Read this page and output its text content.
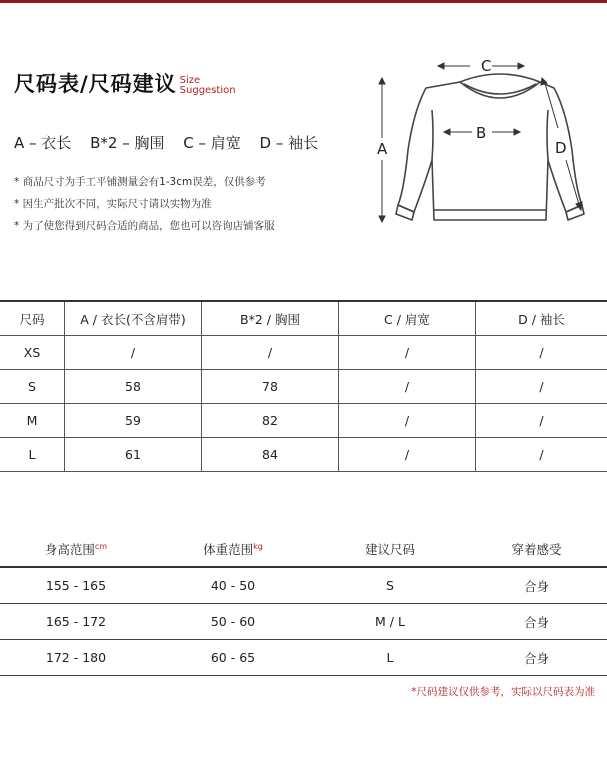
尺码表/尺码建议 Size
Suggestion
A – 衣长 B*2 – 胸围 C – 肩宽 D – 袖长
* 商品尺寸为手工平铺测量会有1-3cm误差，仅供参考
* 因生产批次不同，实际尺寸请以实物为准
* 为了使您得到尺码合适的商品，您也可以咨询店铺客服
C
B
A	D
尺码	A / 衣长(不含肩带)	B*2 / 胸围	C / 肩宽	D / 袖长
XS	/	/	/	/
S	58	78	/	/
M	59	82	/	/
L	61	84	/	/
身高范围$^{cm}$	体重范围$^{kg}$	建议尺码	穿着感受
155 - 165	40 - 50	S	合身
165 - 172	50 - 60	M / L	合身
172 - 180	60 - 65	L	合身
*尺码建议仅供参考，实际以尺码表为准
